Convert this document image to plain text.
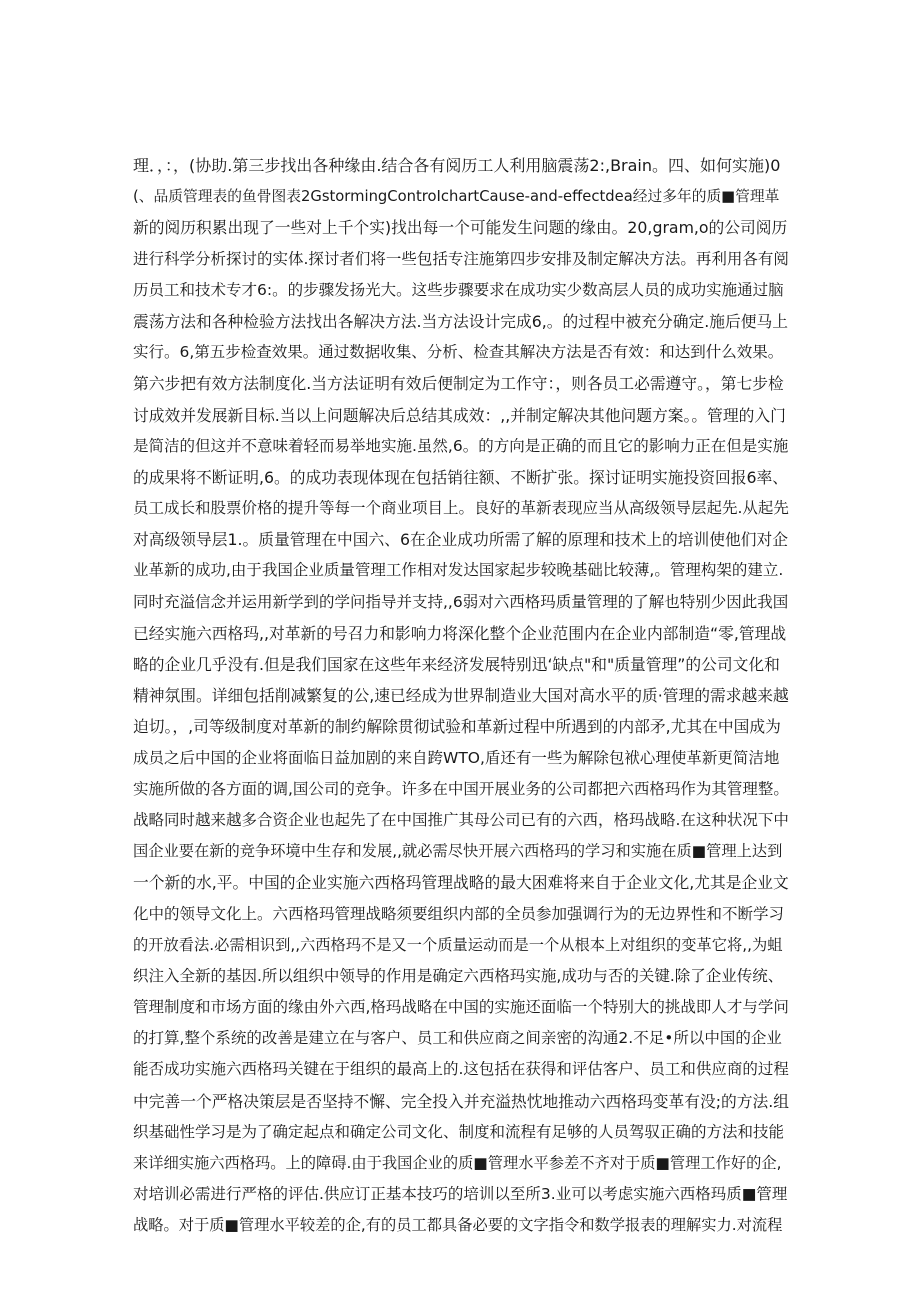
理．，：，(协助.第三步找出各种缘由.结合各有阅历工人利用脑震荡2:,Brain。四、如何实施)0
(、品质管理表的鱼骨图表2GstormingControIchartCause-and-effectdea经过多年的质■管理革
新的阅历积累出现了一些对上千个实)找出每一个可能发生问题的缘由。20,gram,o的公司阅历
进行科学分析探讨的实体.探讨者们将一些包括专注施第四步安排及制定解决方法。再利用各有阅
历员工和技术专才6:。的步骤发扬光大。这些步骤要求在成功实少数高层人员的成功实施通过脑
震荡方法和各种检验方法找出各解决方法.当方法设计完成6,。的过程中被充分确定.施后便马上
实行。6,第五步检查效果。通过数据收集、分析、检查其解决方法是否有效：和达到什么效果。
第六步把有效方法制度化.当方法证明有效后便制定为工作守：，则各员工必需遵守。，第七步检
讨成效并发展新目标.当以上问题解决后总结其成效：,,并制定解决其他问题方案。。管理的入门
是简洁的但这并不意味着轻而易举地实施.虽然,6。的方向是正确的而且它的影响力正在但是实施
的成果将不断证明,6。的成功表现体现在包括销往额、不断扩张。探讨证明实施投资回报6率、
员工成长和股票价格的提升等每一个商业项目上。良好的革新表现应当从高级领导层起先.从起先
对高级领导层1.。质量管理在中国六、6在企业成功所需了解的原理和技术上的培训使他们对企
业革新的成功,由于我国企业质量管理工作相对发达国家起步较晚基础比较薄,。管理构架的建立.
同时充溢信念并运用新学到的学问指导并支持,,6弱对六西格玛质量管理的了解也特别少因此我国
已经实施六西格玛,,对革新的号召力和影响力将深化整个企业范围内在企业内部制造“零,管理战
略的企业几乎没有.但是我们国家在这些年来经济发展特别迅‘缺点"和"质量管理”的公司文化和
精神氛围。详细包括削减繁复的公,速已经成为世界制造业大国对高水平的质·管理的需求越来越
迫切。，,司等级制度对革新的制约解除贯彻试验和革新过程中所遇到的内部矛,尤其在中国成为
成员之后中国的企业将面临日益加剧的来自跨WTO,盾还有一些为解除包袱心理使革新更简洁地
实施所做的各方面的调,国公司的竞争。许多在中国开展业务的公司都把六西格玛作为其管理整。
战略同时越来越多合资企业也起先了在中国推广其母公司已有的六西，格玛战略.在这种状况下中
国企业要在新的竞争环境中生存和发展,,就必需尽快开展六西格玛的学习和实施在质■管理上达到
一个新的水,平。中国的企业实施六西格玛管理战略的最大困难将来自于企业文化,尤其是企业文
化中的领导文化上。六西格玛管理战略须要组织内部的全员参加强调行为的无边界性和不断学习
的开放看法.必需相识到,,六西格玛不是又一个质量运动而是一个从根本上对组织的变革它将,,为蛆
织注入全新的基因.所以组织中领导的作用是确定六西格玛实施,成功与否的关键.除了企业传统、
管理制度和市场方面的缘由外六西,格玛战略在中国的实施还面临一个特别大的挑战即人才与学问
的打算,整个系统的改善是建立在与客户、员工和供应商之间亲密的沟通2.不足•所以中国的企业
能否成功实施六西格玛关键在于组织的最高上的.这包括在获得和评估客户、员工和供应商的过程
中完善一个严格决策层是否坚持不懈、完全投入并充溢热忱地推动六西格玛变革有没;的方法.组
织基础性学习是为了确定起点和确定公司文化、制度和流程有足够的人员驾驭正确的方法和技能
来详细实施六西格玛。上的障碍.由于我国企业的质■管理水平参差不齐对于质■管理工作好的企,
对培训必需进行严格的评估.供应订正基本技巧的培训以至所3.业可以考虑实施六西格玛质■管理
战略。对于质■管理水平较差的企,有的员工都具备必要的文字指令和数学报表的理解实力.对流程
